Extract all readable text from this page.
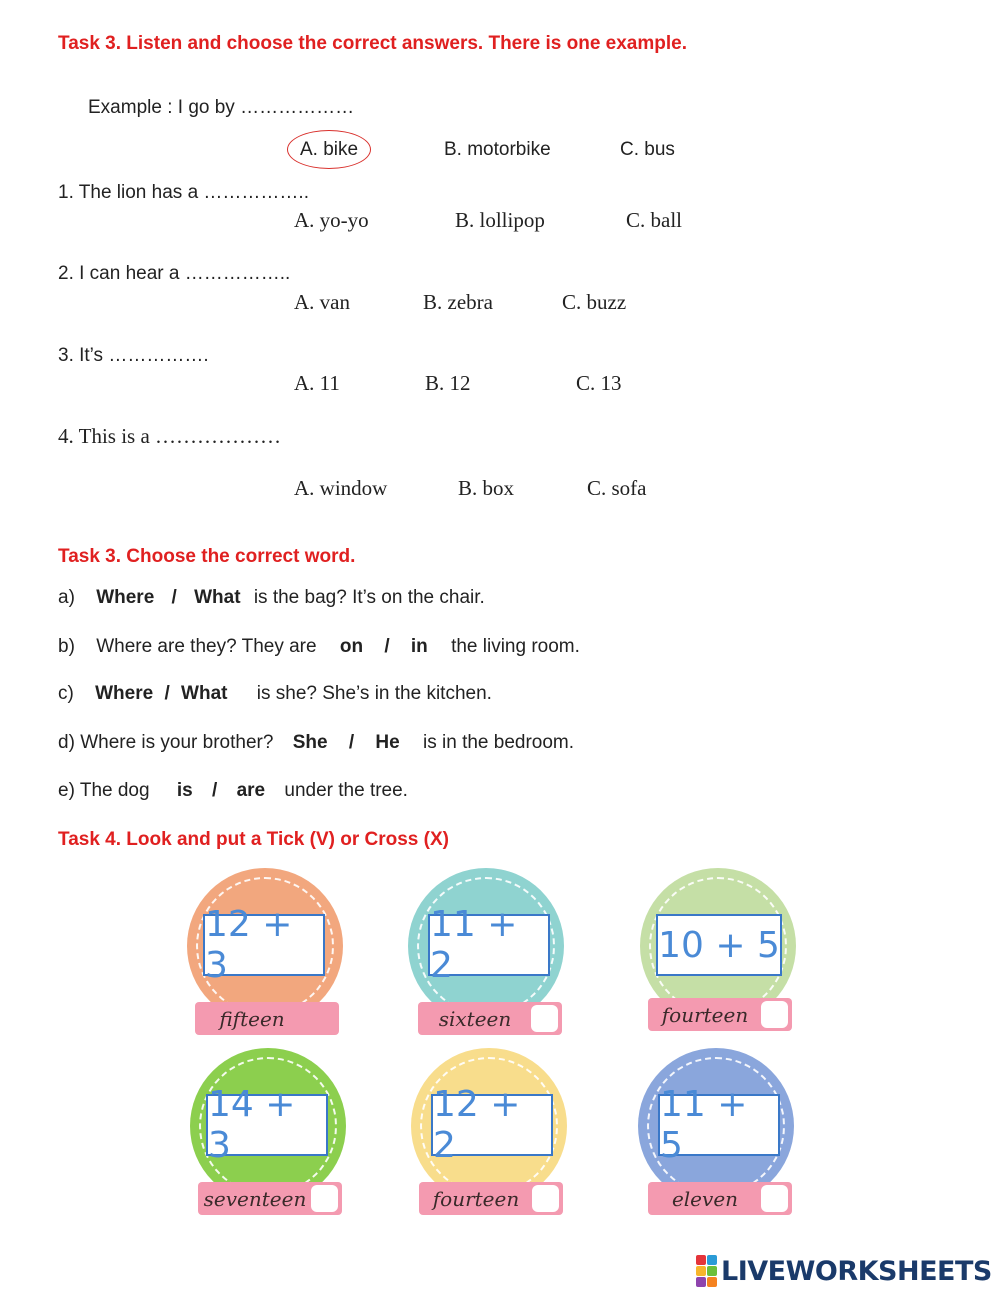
Task 3. Listen and choose the correct answers. There is one example.
Example : I go by ………………
A. bike	B. motorbike	C. bus
1. The lion has a ……………..
A. yo-yo	B. lollipop	C. ball
2. I can hear a ……………..
A. van	B. zebra	C. buzz
3. It’s …………….
A. 11	B. 12	C. 13
4. This is a ………………
A. window	B. box	C. sofa
Task 3. Choose the correct word.
a) Where / What is the bag? It’s on the chair.
b) Where are they? They are on / in the living room.
c) Where / What is she? She’s in the kitchen.
d) Where is your brother? She / He is in the bedroom.
e) The dog is / are under the tree.
Task 4. Look and put a Tick (V) or Cross (X)
12 + 3
fifteen
11 + 2
sixteen
10 + 5
fourteen
14 + 3
seventeen
12 + 2
fourteen
11 + 5
eleven
LIVEWORKSHEETS
